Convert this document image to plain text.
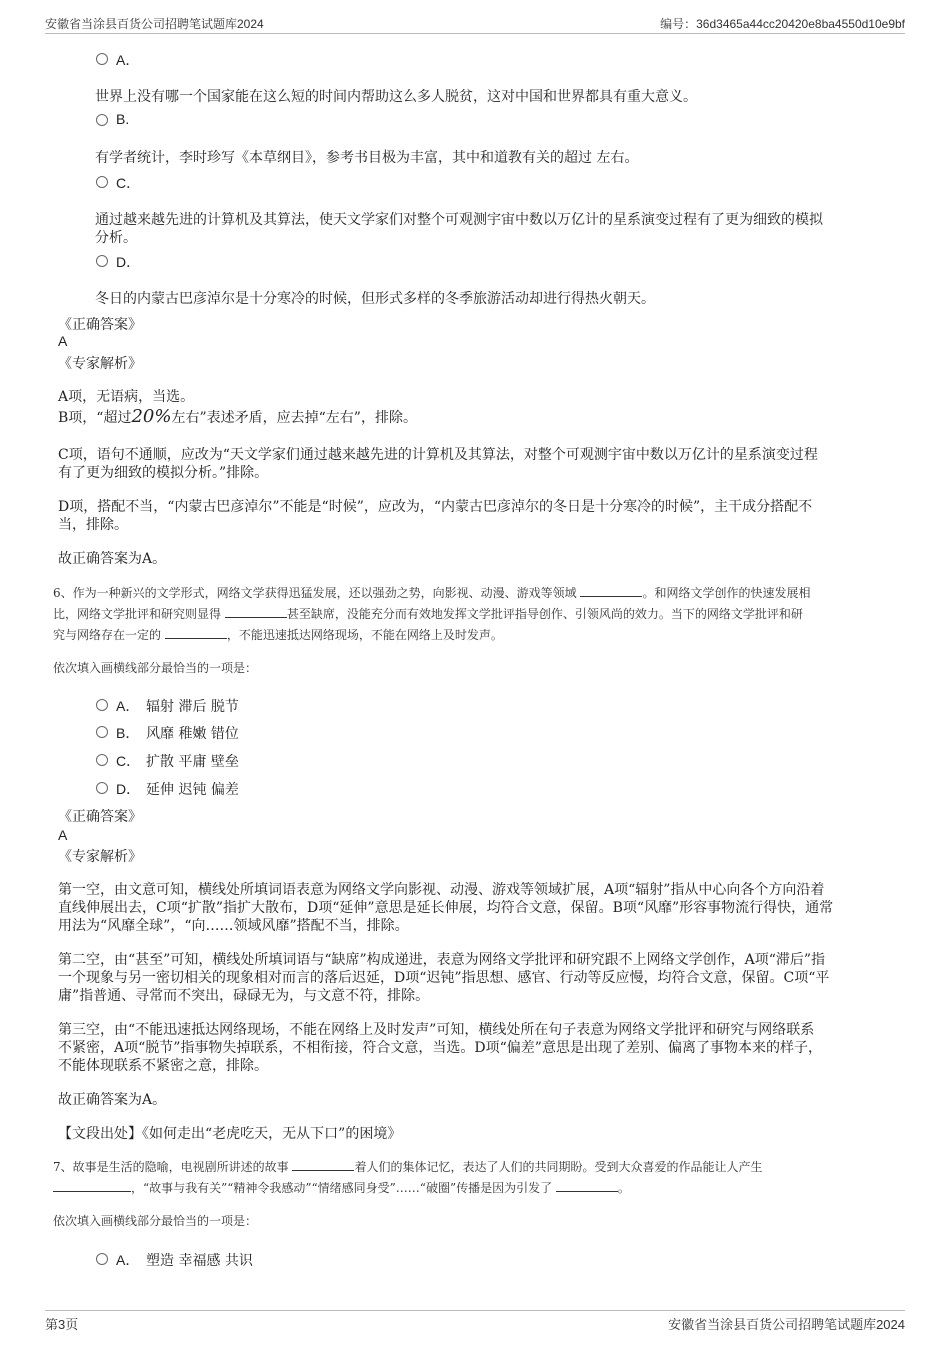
安徽省当涂县百货公司招聘笔试题库2024	编号：36d3465a44cc20420e8ba4550d10e9bf
A．
世界上没有哪一个国家能在这么短的时间内帮助这么多人脱贫，这对中国和世界都具有重大意义。
B.
有学者统计，李时珍写《本草纲目》，参考书目极为丰富，其中和道教有关的超过 左右。
C．
通过越来越先进的计算机及其算法，使天文学家们对整个可观测宇宙中数以万亿计的星系演变过程有了更为细致的模拟
分析。
D．
冬日的内蒙古巴彦淖尔是十分寒冷的时候，但形式多样的冬季旅游活动却进行得热火朝天。
《正确答案》
A
《专家解析》
A项，无语病，当选。
B项，“超过20%左右”表述矛盾，应去掉“左右”，排除。
C项，语句不通顺，应改为“天文学家们通过越来越先进的计算机及其算法，对整个可观测宇宙中数以万亿计的星系演变过程
有了更为细致的模拟分析。”排除。
D项，搭配不当，“内蒙古巴彦淖尔”不能是“时候”，应改为，“内蒙古巴彦淖尔的冬日是十分寒冷的时候”，主干成分搭配不
当，排除。
故正确答案为A。
6、作为一种新兴的文学形式，网络文学获得迅猛发展，还以强劲之势，向影视、动漫、游戏等领域	。和网络文学创作的快速发展相
比，网络文学批评和研究则显得	甚至缺席，没能充分而有效地发挥文学批评指导创作、引领风尚的效力。当下的网络文学批评和研
究与网络存在一定的	，不能迅速抵达网络现场，不能在网络上及时发声。
依次填入画横线部分最恰当的一项是：
A． 辐射 滞后 脱节
B． 风靡 稚嫩 错位
C． 扩散 平庸 壁垒
D． 延伸 迟钝 偏差
《正确答案》
A
《专家解析》
第一空，由文意可知，横线处所填词语表意为网络文学向影视、动漫、游戏等领域扩展，A项“辐射”指从中心向各个方向沿着
直线伸展出去，C项“扩散”指扩大散布，D项“延伸”意思是延长伸展，均符合文意，保留。B项“风靡”形容事物流行得快，通常
用法为“风靡全球”，“向……领域风靡”搭配不当，排除。
第二空，由“甚至”可知，横线处所填词语与“缺席”构成递进，表意为网络文学批评和研究跟不上网络文学创作，A项“滞后”指
一个现象与另一密切相关的现象相对而言的落后迟延，D项“迟钝”指思想、感官、行动等反应慢，均符合文意，保留。C项“平
庸”指普通、寻常而不突出，碌碌无为，与文意不符，排除。
第三空，由“不能迅速抵达网络现场，不能在网络上及时发声”可知，横线处所在句子表意为网络文学批评和研究与网络联系
不紧密，A项“脱节”指事物失掉联系，不相衔接，符合文意，当选。D项“偏差”意思是出现了差别、偏离了事物本来的样子，
不能体现联系不紧密之意，排除。
故正确答案为A。
【文段出处】《如何走出“老虎吃天，无从下口”的困境》
7、故事是生活的隐喻，电视剧所讲述的故事	着人们的集体记忆，表达了人们的共同期盼。受到大众喜爱的作品能让人产生
，“故事与我有关”“精神令我感动”“情绪感同身受”……“破圈”传播是因为引发了	。
依次填入画横线部分最恰当的一项是：
A． 塑造 幸福感 共识
第3页	安徽省当涂县百货公司招聘笔试题库2024
